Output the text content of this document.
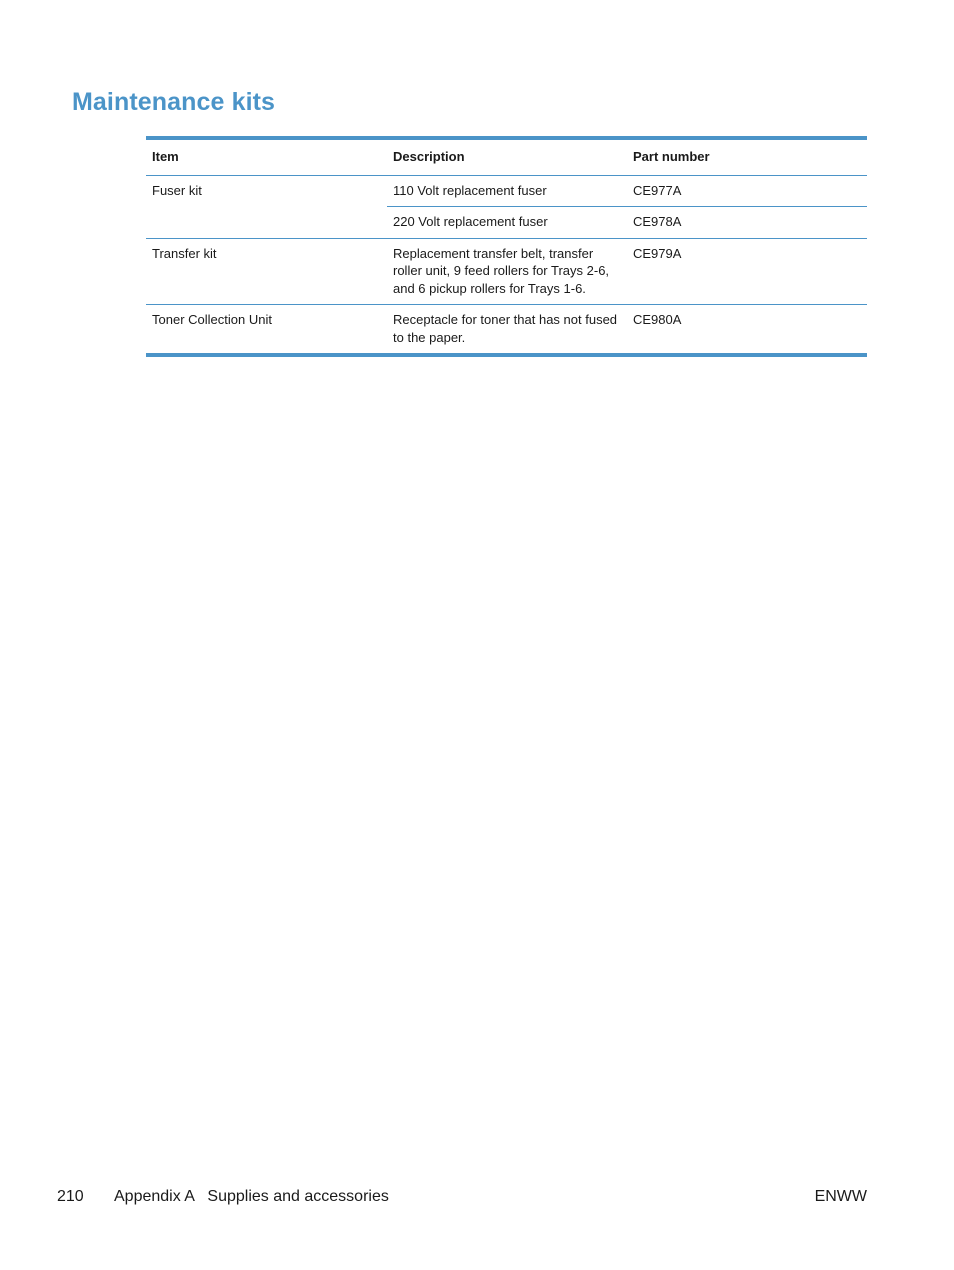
Maintenance kits
Item	Description	Part number
Fuser kit	110 Volt replacement fuser	CE977A
	220 Volt replacement fuser	CE978A
Transfer kit	Replacement transfer belt, transfer roller unit, 9 feed rollers for Trays 2-6, and 6 pickup rollers for Trays 1-6.	CE979A
Toner Collection Unit	Receptacle for toner that has not fused to the paper.	CE980A
210 Appendix A   Supplies and accessories	ENWW
